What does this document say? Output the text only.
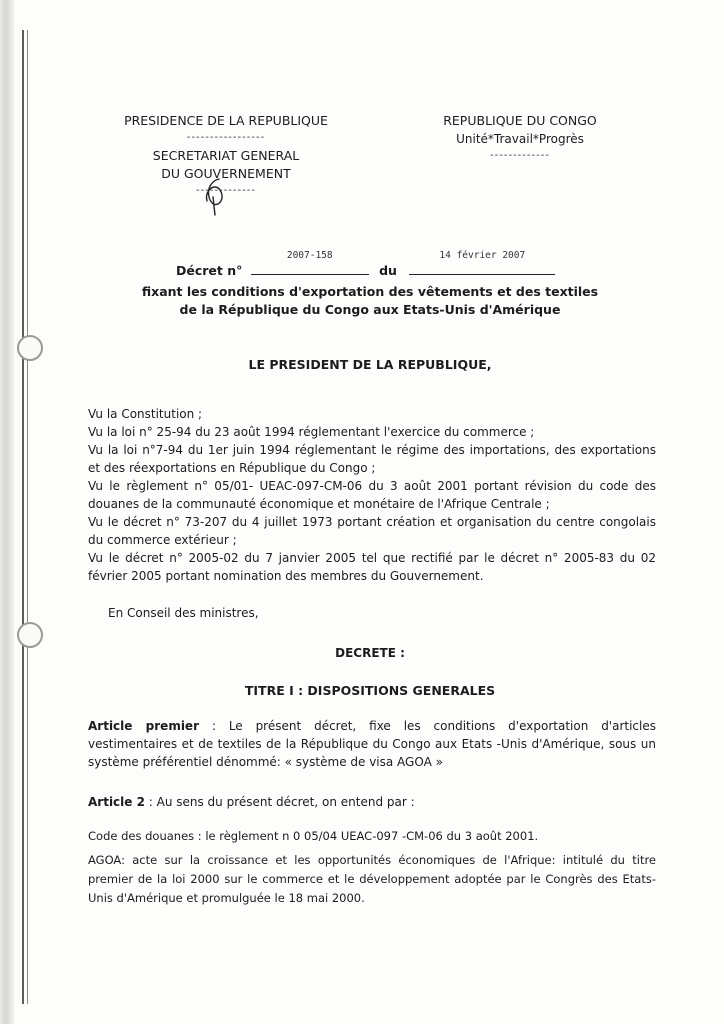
PRESIDENCE DE LA REPUBLIQUE
-----------------
SECRETARIAT GENERAL
DU GOUVERNEMENT
-------------
REPUBLIQUE DU CONGO
Unité*Travail*Progrès
-------------
Décret n°
2007-158
du
14 février 2007
fixant les conditions d'exportation des vêtements et des textiles
de la République du Congo aux Etats-Unis d'Amérique
LE PRESIDENT DE LA REPUBLIQUE,

Vu la Constitution ;

Vu la loi n° 25-94 du 23 août 1994 réglementant l'exercice du commerce ;

Vu la loi n°7-94 du 1er juin 1994 réglementant le régime des importations, des exportations et des réexportations en République du Congo ;

Vu le règlement n° 05/01- UEAC-097-CM-06 du 3 août 2001 portant révision du code des douanes de la communauté économique et monétaire de l'Afrique Centrale ;

Vu le décret n° 73-207 du 4 juillet 1973 portant création et organisation du centre congolais du commerce extérieur ;

Vu le décret n° 2005-02 du 7 janvier 2005 tel que rectifié par le décret n° 2005-83 du 02 février 2005 portant nomination des membres du Gouvernement.

En Conseil des ministres,
DECRETE :
TITRE I : DISPOSITIONS GENERALES
Article premier : Le présent décret, fixe les conditions d'exportation d'articles vestimentaires et de textiles de la République du Congo aux Etats -Unis d'Amérique, sous un système préférentiel dénommé: « système de visa AGOA »
Article 2 : Au sens du présent décret, on entend par :
Code des douanes : le règlement n 0 05/04 UEAC-097 -CM-06 du 3 août 2001.
AGOA: acte sur la croissance et les opportunités économiques de l'Afrique: intitulé du titre premier de la loi 2000 sur le commerce et le développement adoptée par le Congrès des Etats- Unis d'Amérique et promulguée le 18 mai 2000.
